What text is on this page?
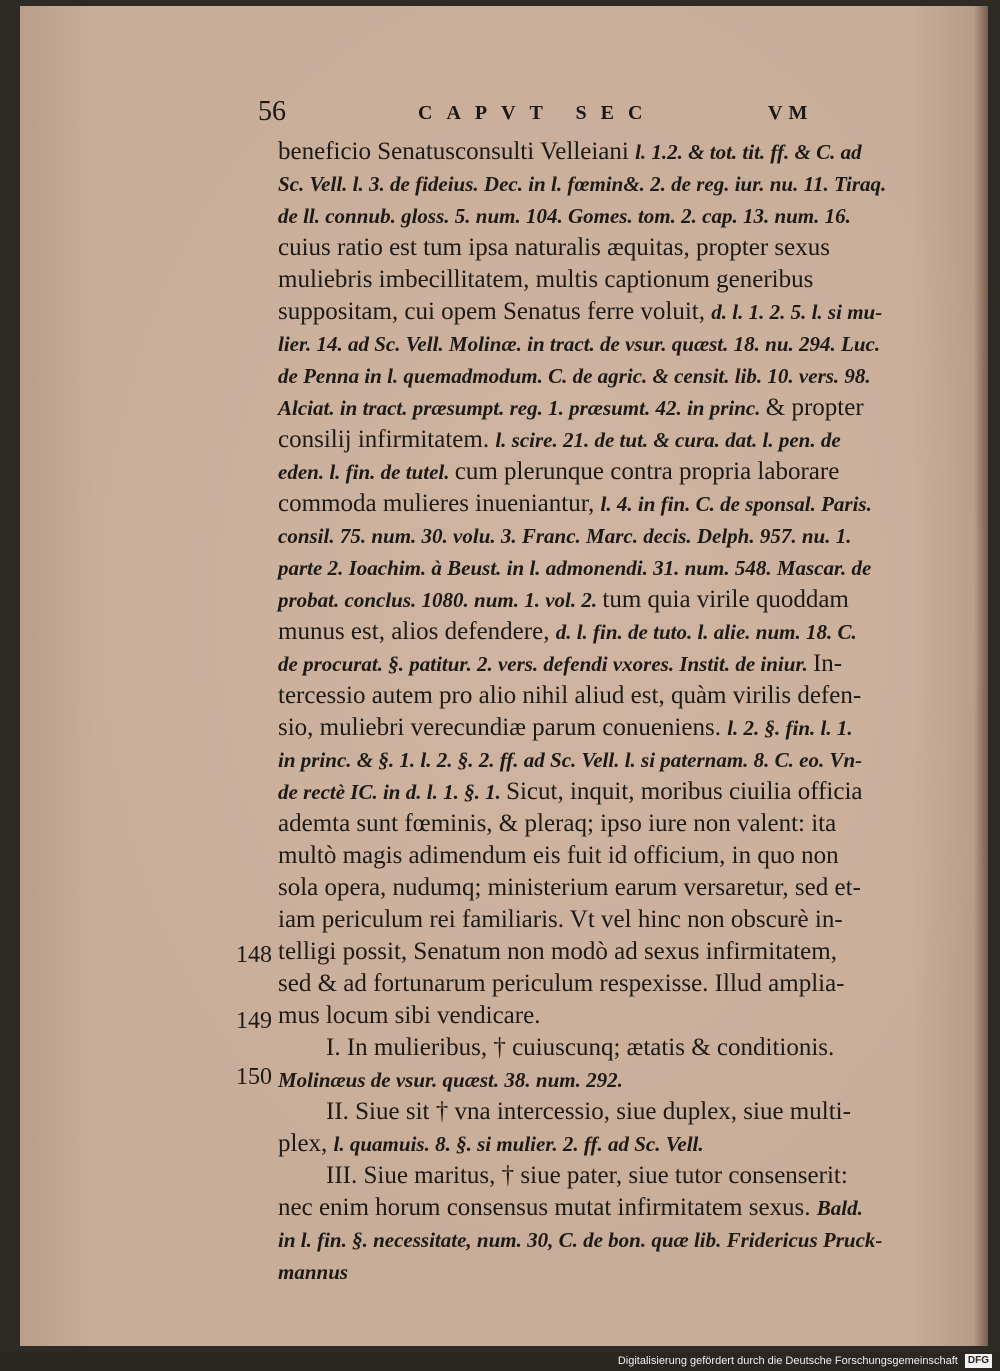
56	CAPVT SEC	VM
beneficio Senatusconsulti Velleiani l. 1.2. & tot. tit. ff. & C. ad
Sc. Vell. l. 3. de fideius. Dec. in l. fœmin&. 2. de reg. iur. nu. 11. Tiraq.
de ll. connub. gloss. 5. num. 104. Gomes. tom. 2. cap. 13. num. 16.
cuius ratio est tum ipsa naturalis æquitas, propter sexus
muliebris imbecillitatem, multis captionum generibus
suppositam, cui opem Senatus ferre voluit, d. l. 1. 2. 5. l. si mu-
lier. 14. ad Sc. Vell. Molinæ. in tract. de vsur. quæst. 18. nu. 294. Luc.
de Penna in l. quemadmodum. C. de agric. & censit. lib. 10. vers. 98.
Alciat. in tract. præsumpt. reg. 1. præsumt. 42. in princ. & propter
consilij infirmitatem. l. scire. 21. de tut. & cura. dat. l. pen. de
eden. l. fin. de tutel. cum plerunque contra propria laborare
commoda mulieres inueniantur, l. 4. in fin. C. de sponsal. Paris.
consil. 75. num. 30. volu. 3. Franc. Marc. decis. Delph. 957. nu. 1.
parte 2. Ioachim. à Beust. in l. admonendi. 31. num. 548. Mascar. de
probat. conclus. 1080. num. 1. vol. 2. tum quia virile quoddam
munus est, alios defendere, d. l. fin. de tuto. l. alie. num. 18. C.
de procurat. §. patitur. 2. vers. defendi vxores. Instit. de iniur. In-
tercessio autem pro alio nihil aliud est, quàm virilis defen-
sio, muliebri verecundiæ parum conueniens. l. 2. §. fin. l. 1.
in princ. & §. 1. l. 2. §. 2. ff. ad Sc. Vell. l. si paternam. 8. C. eo. Vn-
de rectè IC. in d. l. 1. §. 1. Sicut, inquit, moribus ciuilia officia
ademta sunt fœminis, & pleraq; ipso iure non valent: ita
multò magis adimendum eis fuit id officium, in quo non
sola opera, nudumq; ministerium earum versaretur, sed et-
iam periculum rei familiaris. Vt vel hinc non obscurè in-
telligi possit, Senatum non modò ad sexus infirmitatem,
sed & ad fortunarum periculum respexisse. Illud amplia-
mus locum sibi vendicare.
I. In mulieribus, † cuiuscunq; ætatis & conditionis.
Molinæus de vsur. quæst. 38. num. 292.
II. Siue sit † vna intercessio, siue duplex, siue multi-
plex, l. quamuis. 8. §. si mulier. 2. ff. ad Sc. Vell.
III. Siue maritus, † siue pater, siue tutor consenserit:
nec enim horum consensus mutat infirmitatem sexus. Bald.
in l. fin. §. necessitate, num. 30, C. de bon. quæ lib. Fridericus Pruck-
mannus
148
149
150
Digitalisierung gefördert durch die Deutsche Forschungsgemeinschaft DFG
